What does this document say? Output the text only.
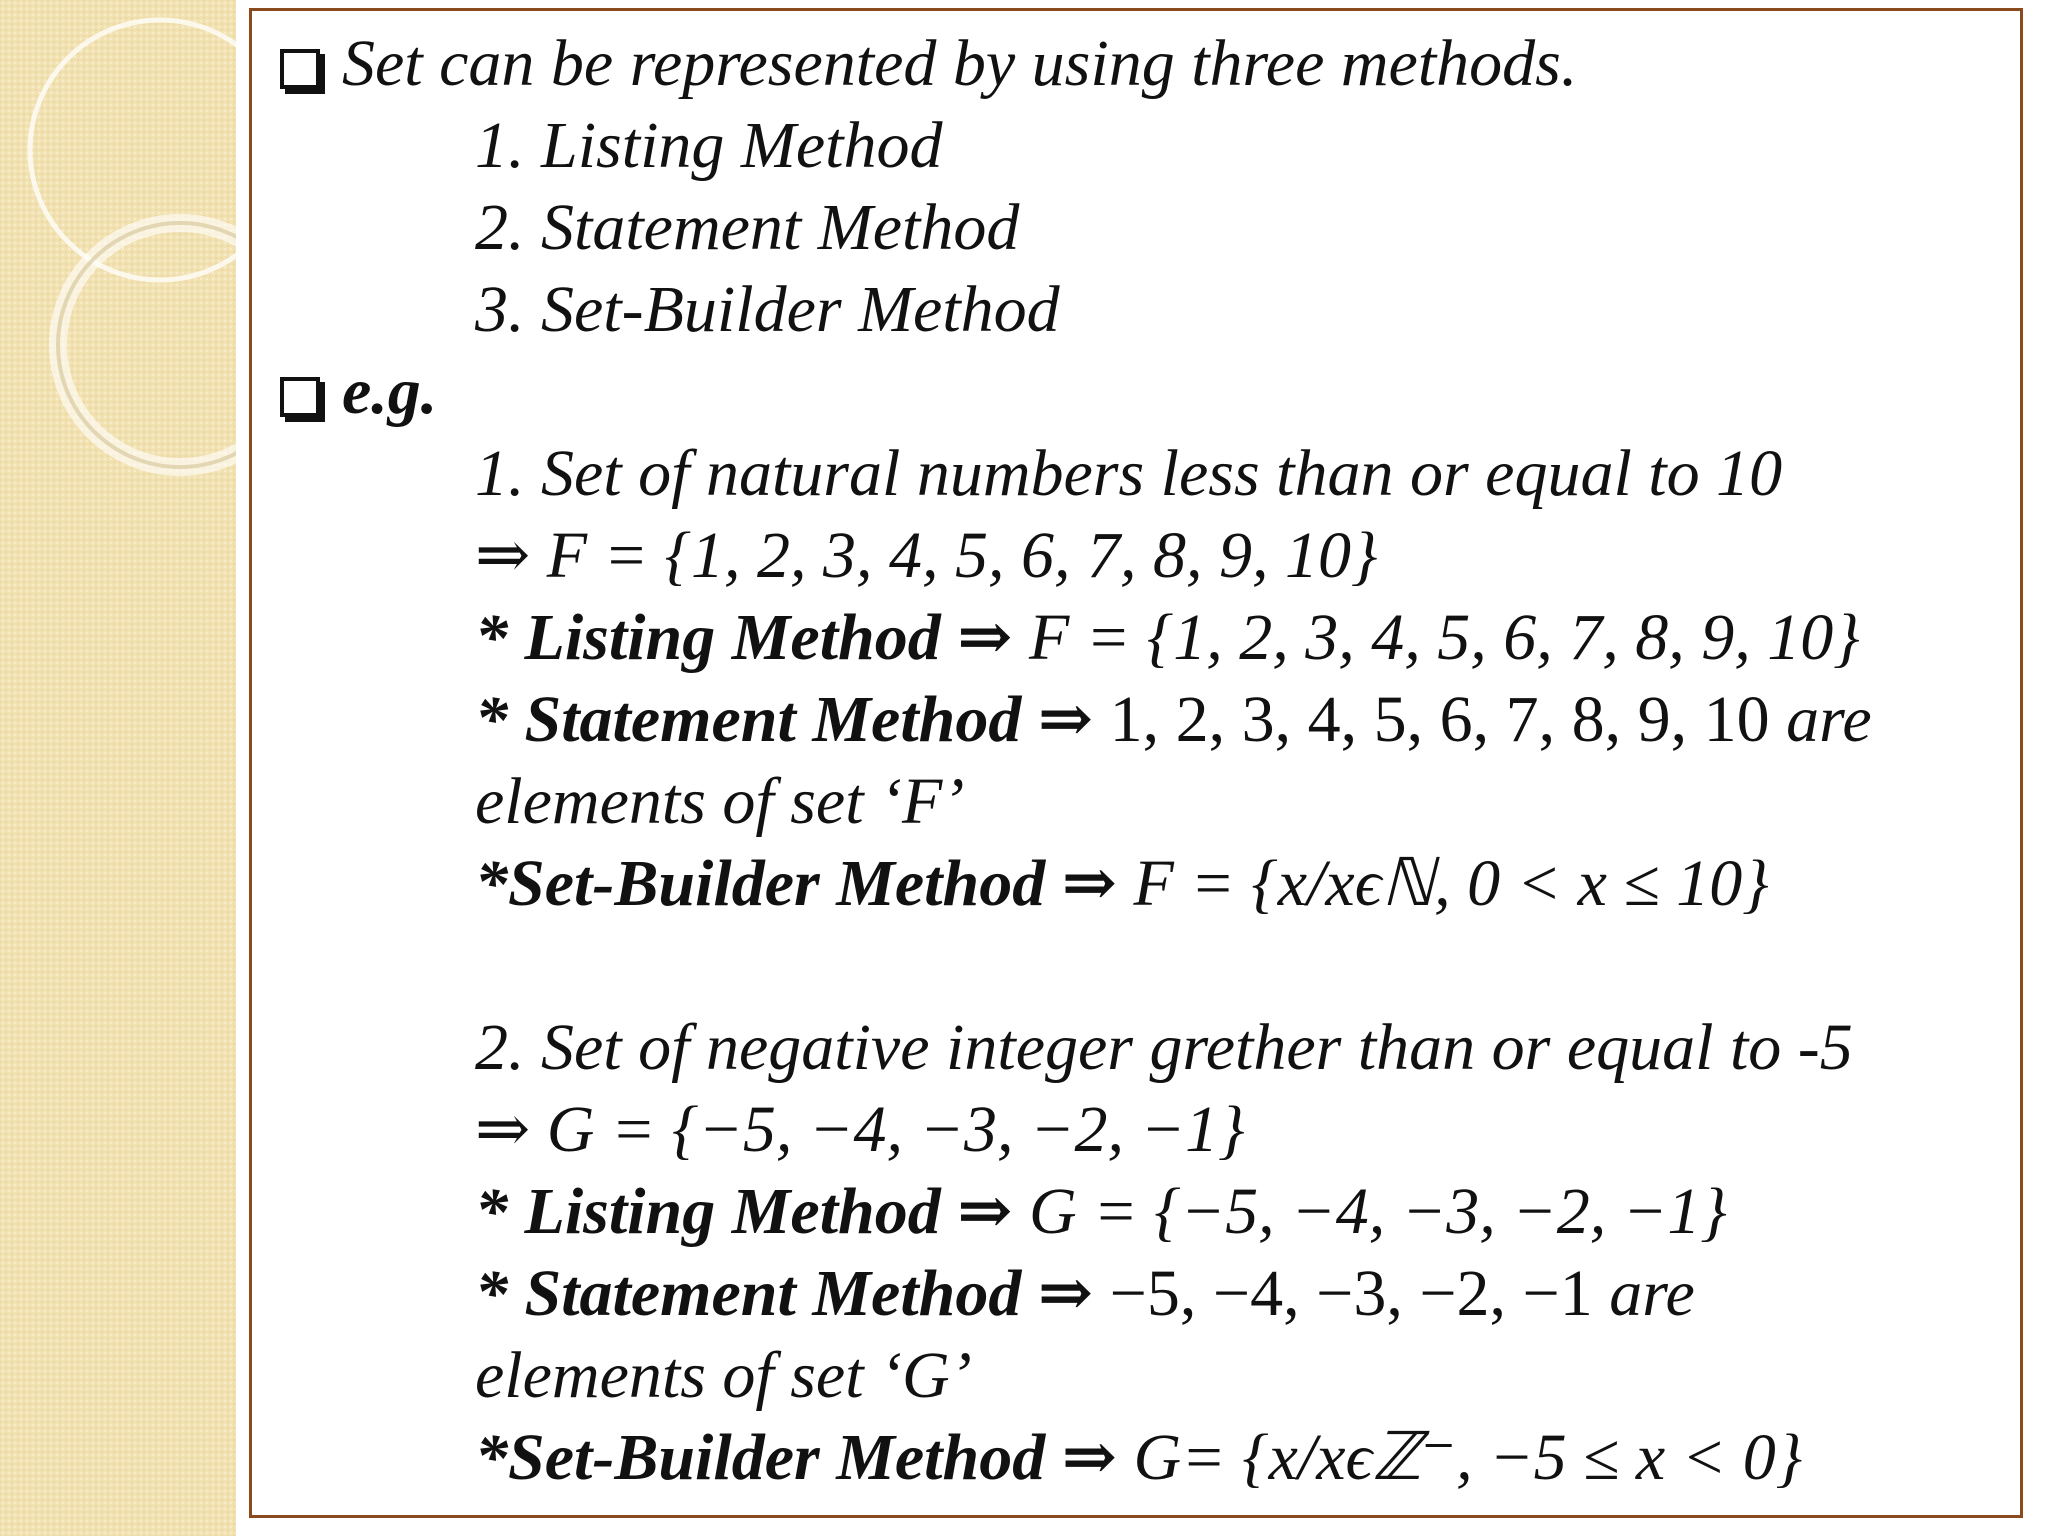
Set can be represented by using three methods.
1. Listing Method
2. Statement Method
3. Set-Builder Method
e.g.
1. Set of natural numbers less than or equal to 10
⇒ F = {1, 2, 3, 4, 5, 6, 7, 8, 9, 10}
* Listing Method ⇒ F = {1, 2, 3, 4, 5, 6, 7, 8, 9, 10}
* Statement Method ⇒ 1, 2, 3, 4, 5, 6, 7, 8, 9, 10 are
elements of set ‘F’
*Set-Builder Method ⇒ F = {x/xϵℕ, 0 < x ≤ 10}
2. Set of negative integer grether than or equal to -5
⇒ G = {−5, −4, −3, −2, −1}
* Listing Method ⇒ G = {−5, −4, −3, −2, −1}
* Statement Method ⇒ −5, −4, −3, −2, −1 are
elements of set ‘G’
*Set-Builder Method ⇒ G= {x/xϵℤ⁻, −5 ≤ x < 0}
